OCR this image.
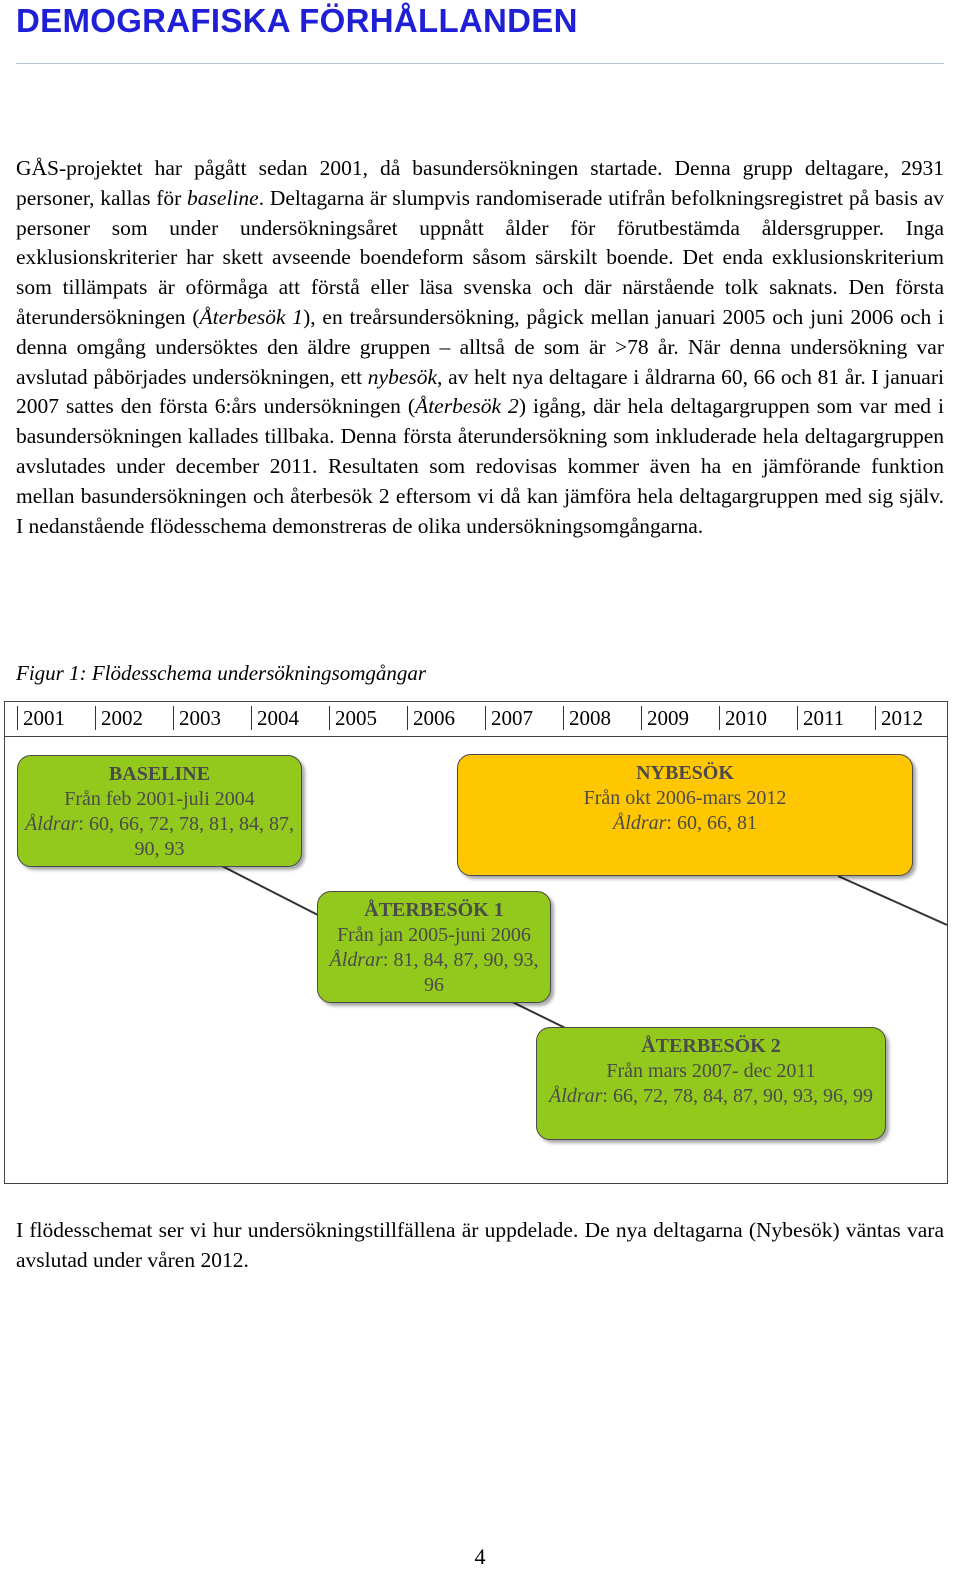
DEMOGRAFISKA FÖRHÅLLANDEN

GÅS-projektet har pågått sedan 2001, då basundersökningen startade. Denna grupp deltagare, 2931 personer, kallas för baseline. Deltagarna är slumpvis randomiserade utifrån befolkningsregistret på basis av personer som under undersökningsåret uppnått ålder för förutbestämda åldersgrupper. Inga exklusionskriterier har skett avseende boendeform såsom särskilt boende. Det enda exklusionskriterium som tillämpats är oförmåga att förstå eller läsa svenska och där närstående tolk saknats. Den första återundersökningen (Återbesök 1), en treårsundersökning, pågick mellan januari 2005 och juni 2006 och i denna omgång undersöktes den äldre gruppen – alltså de som är >78 år. När denna undersökning var avslutad påbörjades undersökningen, ett nybesök, av helt nya deltagare i åldrarna 60, 66 och 81 år. I januari 2007 sattes den första 6:års undersökningen (Återbesök 2) igång, där hela deltagargruppen som var med i basundersökningen kallades tillbaka. Denna första återundersökning som inkluderade hela deltagargruppen avslutades under december 2011. Resultaten som redovisas kommer även ha en jämförande funktion mellan basundersökningen och återbesök 2 eftersom vi då kan jämföra hela deltagargruppen med sig själv. I nedanstående flödesschema demonstreras de olika undersökningsomgångarna.

Figur 1: Flödesschema undersökningsomgångar

2001 2002 2003 2004 2005 2006 2007 2008 2009 2010 2011 2012
BASELINE
Från feb 2001-juli 2004
Åldrar: 60, 66, 72, 78, 81, 84, 87, 90, 93
NYBESÖK
Från okt 2006-mars 2012
Åldrar: 60, 66, 81
ÅTERBESÖK 1
Från jan 2005-juni 2006
Åldrar: 81, 84, 87, 90, 93, 96
ÅTERBESÖK 2
Från mars 2007- dec 2011
Åldrar: 66, 72, 78, 84, 87, 90, 93, 96, 99

I flödesschemat ser vi hur undersökningstillfällena är uppdelade. De nya deltagarna (Nybesök) väntas vara avslutad under våren 2012.

4
